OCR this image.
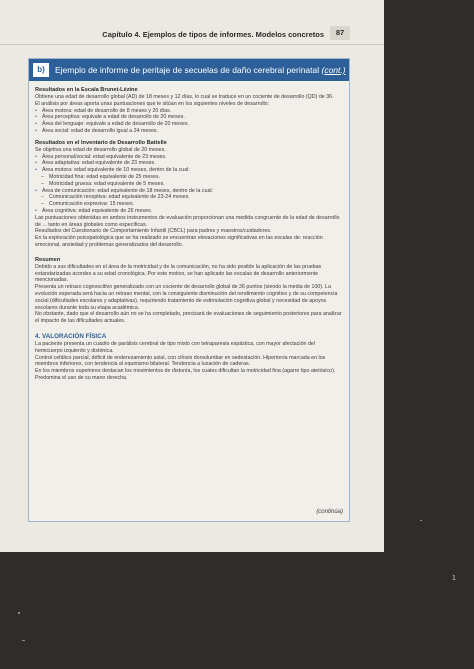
Capítulo 4. Ejemplos de tipos de informes. Modelos concretos	87
b)	Ejemplo de informe de peritaje de secuelas de daño cerebral perinatal (cont.)
Resultados en la Escala Brunet-Lézine

Obtiene una edad de desarrollo global (AD) de 18 meses y 12 días, lo cual se traduce en un cociente de desarrollo (QD) de 36.

El análisis por áreas aporta unas puntuaciones que le sitúan en los siguientes niveles de desarrollo:

• Área motora: edad de desarrollo de 8 meses y 20 días.
• Área perceptiva: equivale a edad de desarrollo de 20 meses.
• Área del lenguaje: equivale a edad de desarrollo de 20 meses.
• Área social: edad de desarrollo igual a 24 meses.
Resultados en el Inventario de Desarrollo Battelle

Se objetiva una edad de desarrollo global de 20 meses.

• Área personal/social: edad equivalente de 23 meses.
• Área adaptativa: edad equivalente de 23 meses.
• Área motora: edad equivalente de 10 meses, dentro de la cual:
– Motricidad fina: edad equivalente de 25 meses.
– Motricidad gruesa: edad equivalente de 5 meses.
• Área de comunicación: edad equivalente de 18 meses, dentro de la cual:
– Comunicación receptiva: edad equivalente de 23-24 meses.
– Comunicación expresiva: 15 meses.
• Área cognitiva: edad equivalente de 26 meses.

Las puntuaciones obtenidas en ambos instrumentos de evaluación proporcionan una medida congruente de la edad de desarrollo de ... tanto en áreas globales como específicas.

Resultados del Cuestionario de Comportamiento Infantil (CBCL) para padres y maestros/cuidadores.

En la exploración psicopatológica que se ha realizado se encuentran elevaciones significativas en las escalas de: reacción emocional, ansiedad y problemas generalizados del desarrollo.

Resumen

Debido a sus dificultades en el área de la motricidad y de la comunicación, no ha sido posible la aplicación de las pruebas estandarizadas acordes a su edad cronológica. Por este motivo, se han aplicado las escalas de desarrollo anteriormente mencionadas.

Presenta un retraso cognoscitivo generalizado con un cociente de desarrollo global de 36 puntos (siendo la media de 100). La evolución esperada será hacia un retraso mental, con la consiguiente disminución del rendimiento cognitivo y de su competencia social (dificultades escolares y adaptativas), requiriendo tratamiento de estimulación cognitiva global y necesidad de apoyos escolares durante toda su etapa académica.

No obstante, dado que el desarrollo aún no se ha completado, precisará de evaluaciones de seguimiento posteriores para analizar el impacto de las dificultades actuales.

4. VALORACIÓN FÍSICA

La paciente presenta un cuadro de parálisis cerebral de tipo mixto con tetraparesia espástica, con mayor afectación del hemicuerpo izquierdo y distónica.

Control cefálico parcial, déficit de enderezamiento axial, con cifosis dorsolumbar en sedestación. Hipertonía marcada en los miembros inferiores, con tendencia al equinismo bilateral. Tendencia a luxación de caderas.

En los miembros superiores destacan los movimientos de distonía, los cuales dificultan la motricidad fina (agarre tipo atetósico). Predomina el uso de su mano derecha.

(continúa)
1
